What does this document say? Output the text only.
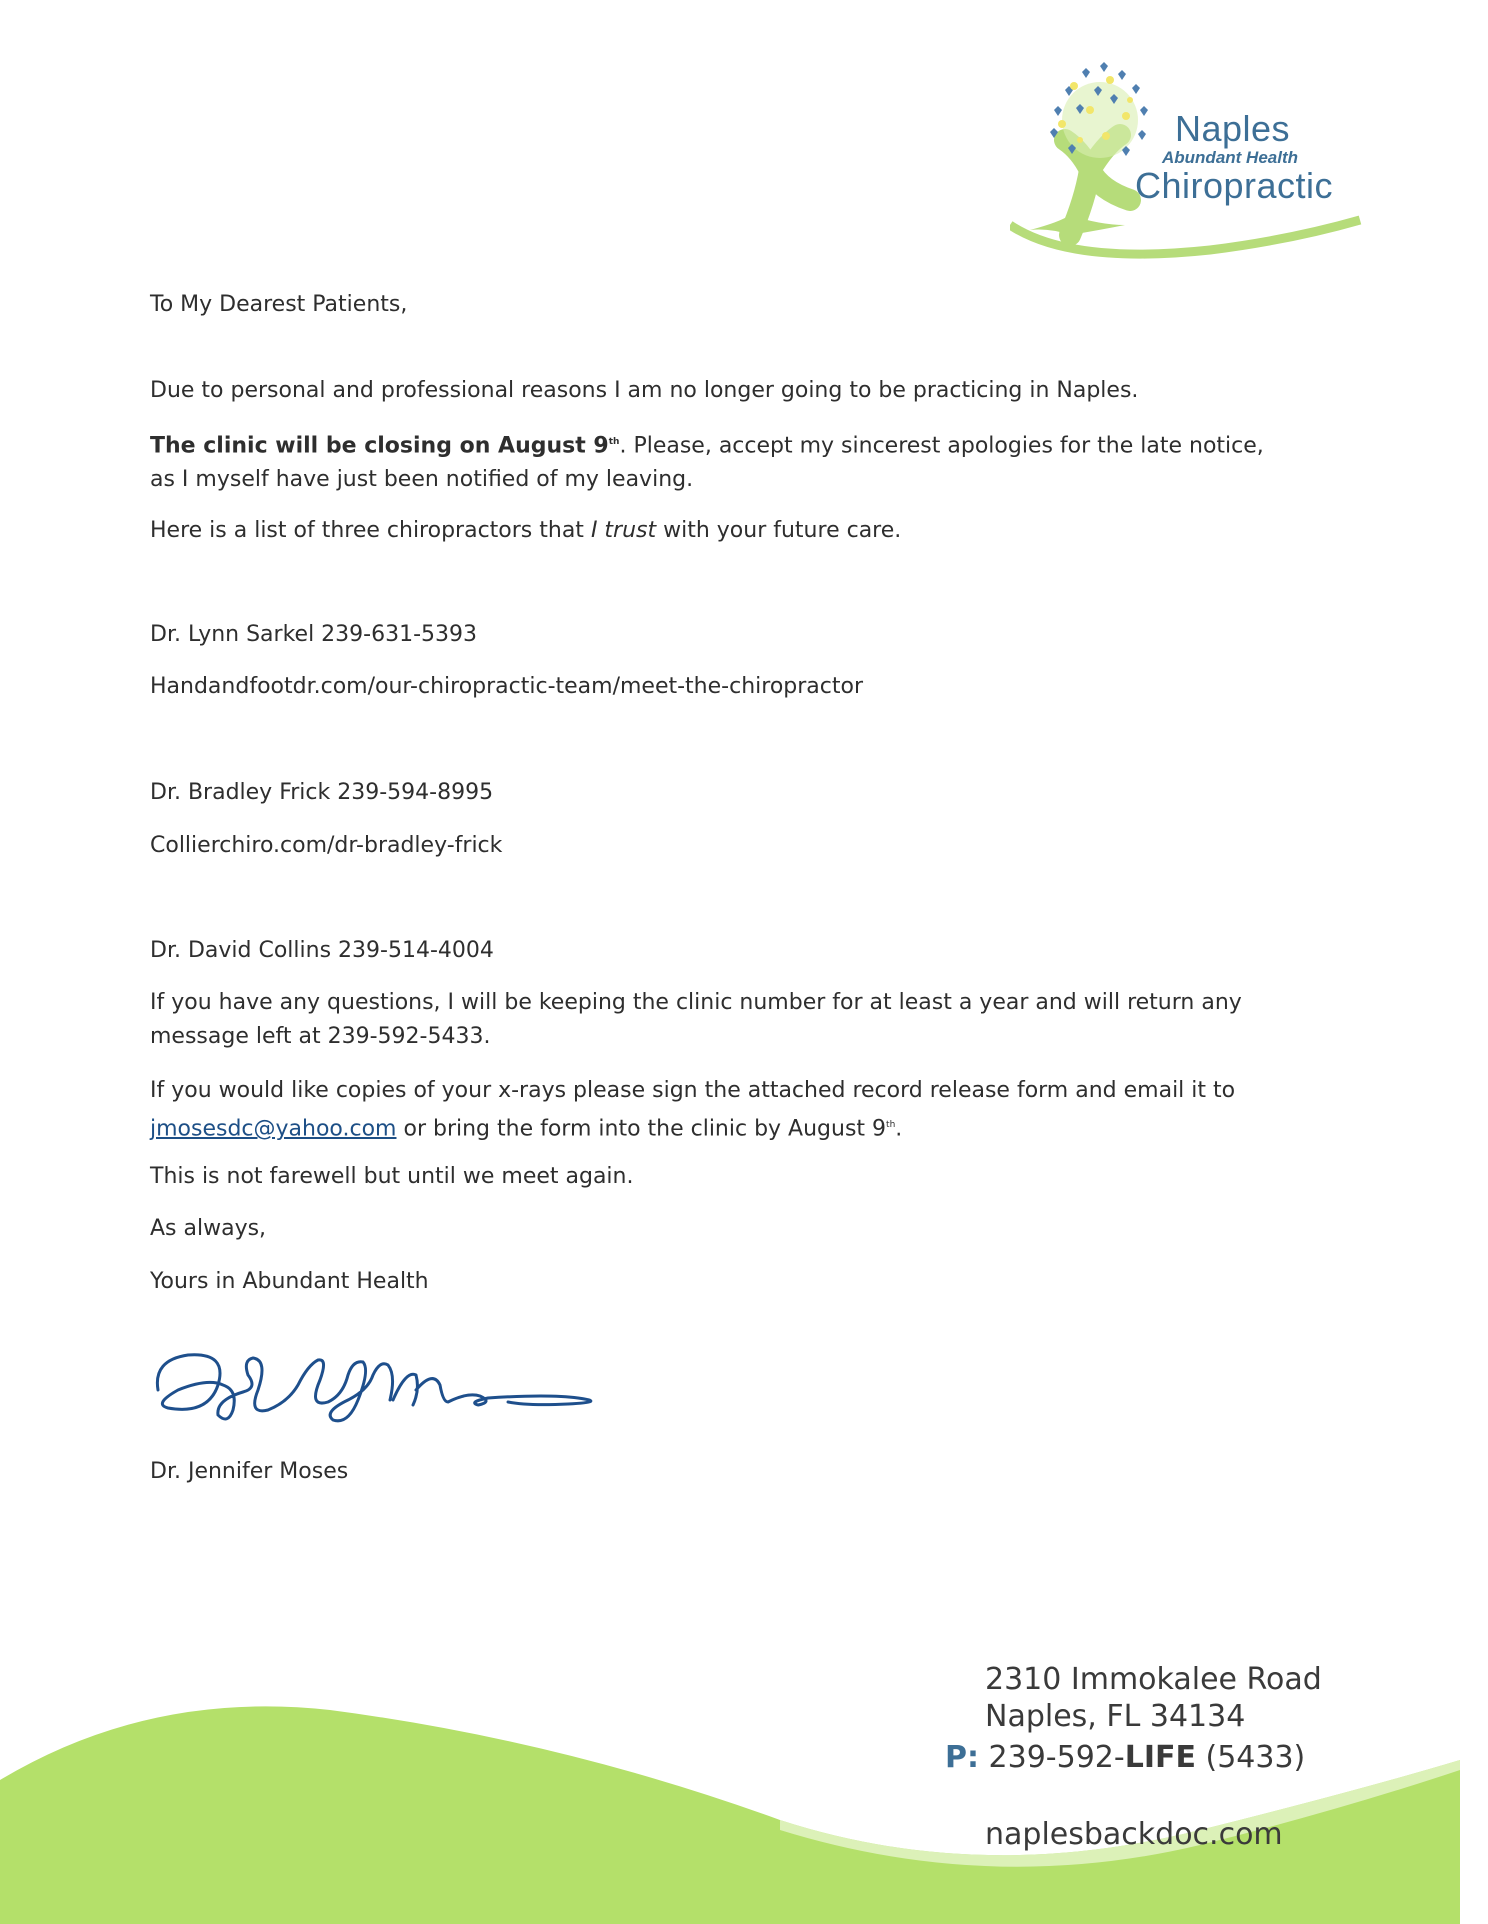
Naples
Abundant Health
Chiropractic
To My Dearest Patients,
Due to personal and professional reasons I am no longer going to be practicing in Naples.
The clinic will be closing on August 9th. Please, accept my sincerest apologies for the late notice, as I myself have just been notified of my leaving.
Here is a list of three chiropractors that I trust with your future care.
Dr. Lynn Sarkel 239-631-5393
Handandfootdr.com/our-chiropractic-team/meet-the-chiropractor
Dr. Bradley Frick 239-594-8995
Collierchiro.com/dr-bradley-frick
Dr. David Collins 239-514-4004
If you have any questions, I will be keeping the clinic number for at least a year and will return any message left at 239-592-5433.
If you would like copies of your x-rays please sign the attached record release form and email it to
jmosesdc@yahoo.com or bring the form into the clinic by August 9th.
This is not farewell but until we meet again.
As always,
Yours in Abundant Health
Dr. Jennifer Moses
2310 Immokalee Road
Naples, FL 34134
P: 239-592-LIFE (5433)
naplesbackdoc.com
